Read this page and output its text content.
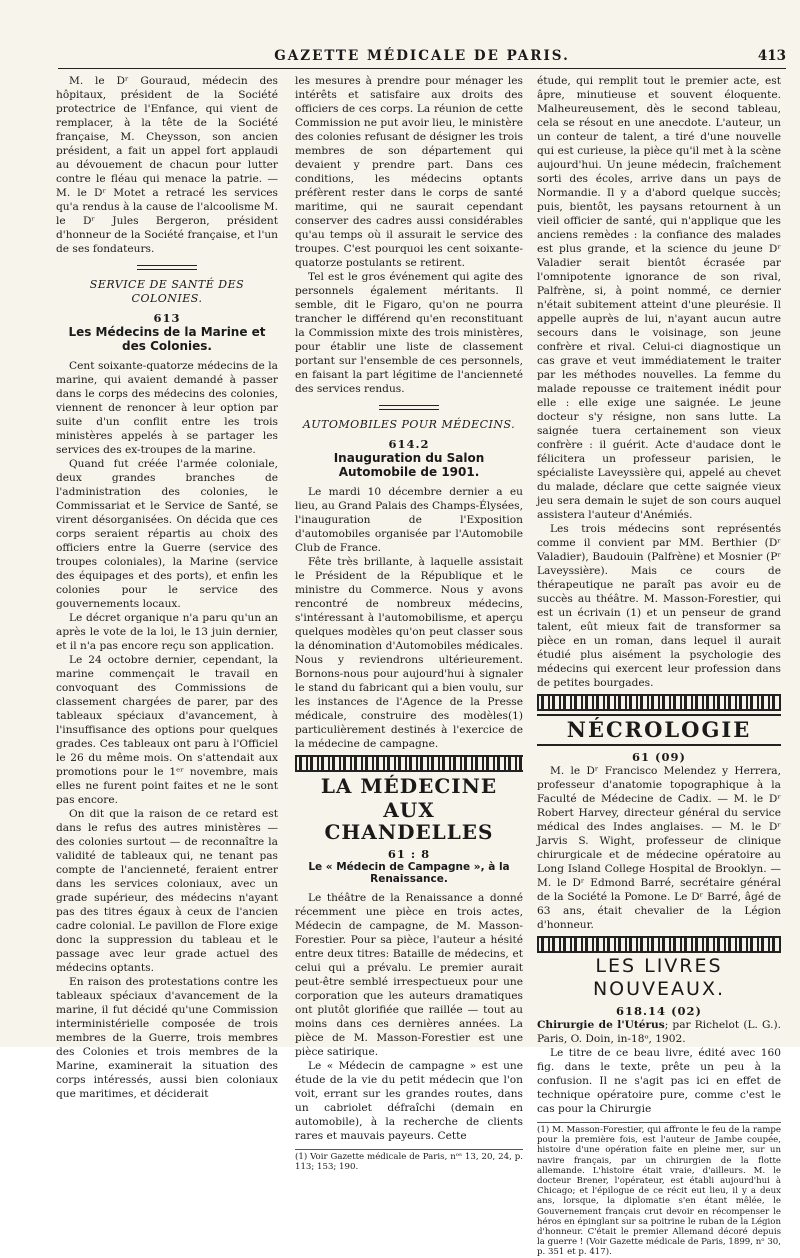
GAZETTE MÉDICALE DE PARIS.	413

M. le Dʳ Gouraud, médecin des hôpitaux, président de la Société protectrice de l'Enfance, qui vient de remplacer, à la tête de la Société française, M. Cheysson, son ancien président, a fait un appel fort applaudi au dévouement de chacun pour lutter contre le fléau qui menace la patrie. — M. le Dʳ Motet a retracé les services qu'a rendus à la cause de l'alcoolisme M. le Dʳ Jules Bergeron, président d'honneur de la Société française, et l'un de ses fondateurs.

SERVICE DE SANTÉ DES COLONIES.
613
Les Médecins de la Marine et des Colonies.

Cent soixante-quatorze médecins de la marine, qui avaient demandé à passer dans le corps des médecins des colonies, viennent de renoncer à leur option par suite d'un conflit entre les trois ministères appelés à se partager les services des ex-troupes de la marine.

Quand fut créée l'armée coloniale, deux grandes branches de l'administration des colonies, le Commissariat et le Service de Santé, se virent désorganisées. On décida que ces corps seraient répartis au choix des officiers entre la Guerre (service des troupes coloniales), la Marine (service des équipages et des ports), et enfin les colonies pour le service des gouvernements locaux.

Le décret organique n'a paru qu'un an après le vote de la loi, le 13 juin dernier, et il n'a pas encore reçu son application.

Le 24 octobre dernier, cependant, la marine commençait le travail en convoquant des Commissions de classement chargées de parer, par des tableaux spéciaux d'avancement, à l'insuffisance des options pour quelques grades. Ces tableaux ont paru à l'Officiel le 26 du même mois. On s'attendait aux promotions pour le 1ᵉʳ novembre, mais elles ne furent point faites et ne le sont pas encore.

On dit que la raison de ce retard est dans le refus des autres ministères — des colonies surtout — de reconnaître la validité de tableaux qui, ne tenant pas compte de l'ancienneté, feraient entrer dans les services coloniaux, avec un grade supérieur, des médecins n'ayant pas des titres égaux à ceux de l'ancien cadre colonial. Le pavillon de Flore exige donc la suppression du tableau et le passage avec leur grade actuel des médecins optants.

En raison des protestations contre les tableaux spéciaux d'avancement de la marine, il fut décidé qu'une Commission interministérielle composée de trois membres de la Guerre, trois membres des Colonies et trois membres de la Marine, examinerait la situation des corps intéressés, aussi bien coloniaux que maritimes, et déciderait

les mesures à prendre pour ménager les intérêts et satisfaire aux droits des officiers de ces corps. La réunion de cette Commission ne put avoir lieu, le ministère des colonies refusant de désigner les trois membres de son département qui devaient y prendre part. Dans ces conditions, les médecins optants préfèrent rester dans le corps de santé maritime, qui ne saurait cependant conserver des cadres aussi considérables qu'au temps où il assurait le service des troupes. C'est pourquoi les cent soixante-quatorze postulants se retirent.

Tel est le gros événement qui agite des personnels également méritants. Il semble, dit le Figaro, qu'on ne pourra trancher le différend qu'en reconstituant la Commission mixte des trois ministères, pour établir une liste de classement portant sur l'ensemble de ces personnels, en faisant la part légitime de l'ancienneté des services rendus.

AUTOMOBILES POUR MÉDECINS.
614.2
Inauguration du Salon Automobile de 1901.

Le mardi 10 décembre dernier a eu lieu, au Grand Palais des Champs-Élysées, l'inauguration de l'Exposition d'automobiles organisée par l'Automobile Club de France.

Fête très brillante, à laquelle assistait le Président de la République et le ministre du Commerce. Nous y avons rencontré de nombreux médecins, s'intéressant à l'automobilisme, et aperçu quelques modèles qu'on peut classer sous la dénomination d'Automobiles médicales. Nous y reviendrons ultérieurement. Bornons-nous pour aujourd'hui à signaler le stand du fabricant qui a bien voulu, sur les instances de l'Agence de la Presse médicale, construire des modèles(1) particulièrement destinés à l'exercice de la médecine de campagne.

LA MÉDECINE
AUX CHANDELLES
61 : 8
Le « Médecin de Campagne », à la Renaissance.

Le théâtre de la Renaissance a donné récemment une pièce en trois actes, Médecin de campagne, de M. Masson-Forestier. Pour sa pièce, l'auteur a hésité entre deux titres: Bataille de médecins, et celui qui a prévalu. Le premier aurait peut-être semblé irrespectueux pour une corporation que les auteurs dramatiques ont plutôt glorifiée que raillée — tout au moins dans ces dernières années. La pièce de M. Masson-Forestier est une pièce satirique.

Le « Médecin de campagne » est une étude de la vie du petit médecin que l'on voit, errant sur les grandes routes, dans un cabriolet défraîchi (demain en automobile), à la recherche de clients rares et mauvais payeurs. Cette

(1) Voir Gazette médicale de Paris, nᵒˢ 13, 20, 24, p. 113; 153; 190.

étude, qui remplit tout le premier acte, est âpre, minutieuse et souvent éloquente. Malheureusement, dès le second tableau, cela se résout en une anecdote. L'auteur, un un conteur de talent, a tiré d'une nouvelle qui est curieuse, la pièce qu'il met à la scène aujourd'hui. Un jeune médecin, fraîchement sorti des écoles, arrive dans un pays de Normandie. Il y a d'abord quelque succès; puis, bientôt, les paysans retournent à un vieil officier de santé, qui n'applique que les anciens remèdes : la confiance des malades est plus grande, et la science du jeune Dʳ Valadier serait bientôt écrasée par l'omnipotente ignorance de son rival, Palfrène, si, à point nommé, ce dernier n'était subitement atteint d'une pleurésie. Il appelle auprès de lui, n'ayant aucun autre secours dans le voisinage, son jeune confrère et rival. Celui-ci diagnostique un cas grave et veut immédiatement le traiter par les méthodes nouvelles. La femme du malade repousse ce traitement inédit pour elle : elle exige une saignée. Le jeune docteur s'y résigne, non sans lutte. La saignée tuera certainement son vieux confrère : il guérit. Acte d'audace dont le félicitera un professeur parisien, le spécialiste Laveyssière qui, appelé au chevet du malade, déclare que cette saignée vieux jeu sera demain le sujet de son cours auquel assistera l'auteur d'Anémiés.

Les trois médecins sont représentés comme il convient par MM. Berthier (Dʳ Valadier), Baudouin (Palfrène) et Mosnier (Pʳ Laveyssière). Mais ce cours de thérapeutique ne paraît pas avoir eu de succès au théâtre. M. Masson-Forestier, qui est un écrivain (1) et un penseur de grand talent, eût mieux fait de transformer sa pièce en un roman, dans lequel il aurait étudié plus aisément la psychologie des médecins qui exercent leur profession dans de petites bourgades.

NÉCROLOGIE
61 (09)

M. le Dʳ Francisco Melendez y Herrera, professeur d'anatomie topographique à la Faculté de Médecine de Cadix. — M. le Dʳ Robert Harvey, directeur général du service médical des Indes anglaises. — M. le Dʳ Jarvis S. Wight, professeur de clinique chirurgicale et de médecine opératoire au Long Island College Hospital de Brooklyn. — M. le Dʳ Edmond Barré, secrétaire général de la Société la Pomone. Le Dʳ Barré, âgé de 63 ans, était chevalier de la Légion d'honneur.

LES LIVRES
NOUVEAUX.
618.14 (02)

Chirurgie de l'Utérus; par Richelot (L. G.). Paris, O. Doin, in-18ᵒ, 1902.

Le titre de ce beau livre, édité avec 160 fig. dans le texte, prête un peu à la confusion. Il ne s'agit pas ici en effet de technique opératoire pure, comme c'est le cas pour la Chirurgie

(1) M. Masson-Forestier, qui affronte le feu de la rampe pour la première fois, est l'auteur de Jambe coupée, histoire d'une opération faite en pleine mer, sur un navire français, par un chirurgien de la flotte allemande. L'histoire était vraie, d'ailleurs. M. le docteur Brener, l'opérateur, est établi aujourd'hui à Chicago; et l'épilogue de ce récit eut lieu, il y a deux ans, lorsque, la diplomatie s'en étant mêlée, le Gouvernement français crut devoir en récompenser le héros en épinglant sur sa poitrine le ruban de la Légion d'honneur. C'était le premier Allemand décoré depuis la guerre ! (Voir Gazette médicale de Paris, 1899, nᵒ 30, p. 351 et p. 417).
